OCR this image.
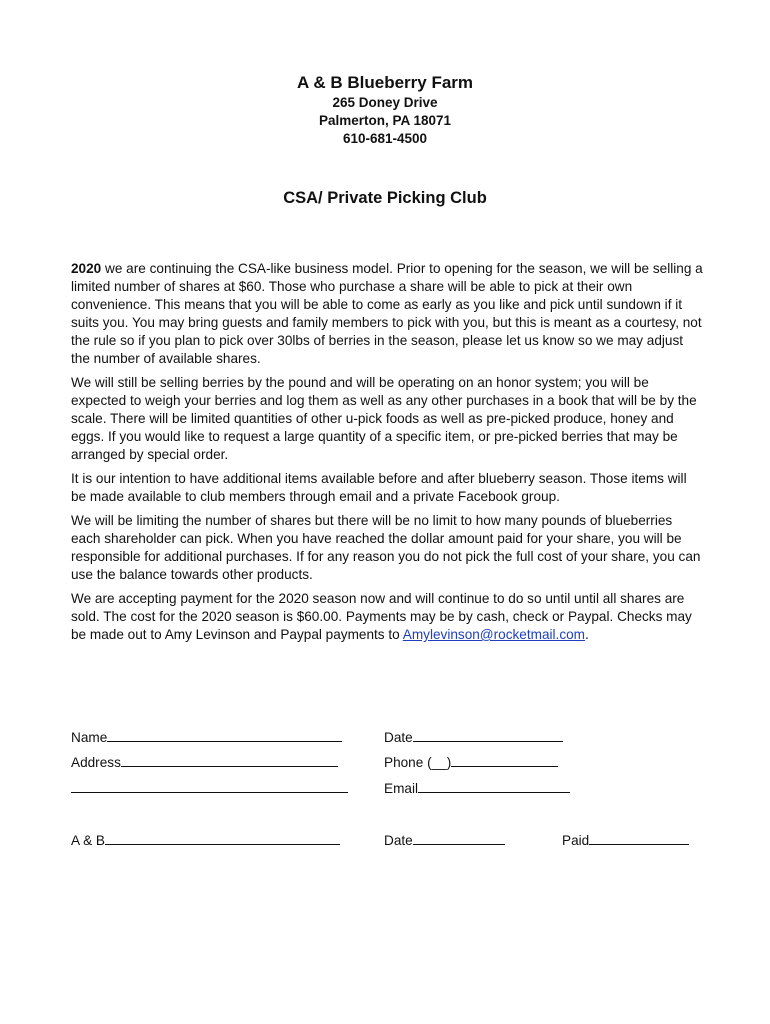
A & B Blueberry Farm
265 Doney Drive
Palmerton, PA 18071
610-681-4500
CSA/ Private Picking Club

2020 we are continuing the CSA-like business model. Prior to opening for the season, we will be selling a limited number of shares at $60. Those who purchase a share will be able to pick at their own convenience. This means that you will be able to come as early as you like and pick until sundown if it suits you. You may bring guests and family members to pick with you, but this is meant as a courtesy, not the rule so if you plan to pick over 30lbs of berries in the season, please let us know so we may adjust the number of available shares.

We will still be selling berries by the pound and will be operating on an honor system; you will be expected to weigh your berries and log them as well as any other purchases in a book that will be by the scale. There will be limited quantities of other u-pick foods as well as pre-picked produce, honey and eggs. If you would like to request a large quantity of a specific item, or pre-picked berries that may be arranged by special order.

It is our intention to have additional items available before and after blueberry season. Those items will be made available to club members through email and a private Facebook group.

We will be limiting the number of shares but there will be no limit to how many pounds of blueberries each shareholder can pick. When you have reached the dollar amount paid for your share, you will be responsible for additional purchases. If for any reason you do not pick the full cost of your share, you can use the balance towards other products.

We are accepting payment for the 2020 season now and will continue to do so until until all shares are sold. The cost for the 2020 season is $60.00. Payments may be by cash, check or Paypal. Checks may be made out to Amy Levinson and Paypal payments to Amylevinson@rocketmail.com.

Name	Date
Address	Phone (__)
Email
A & B	Date	Paid
